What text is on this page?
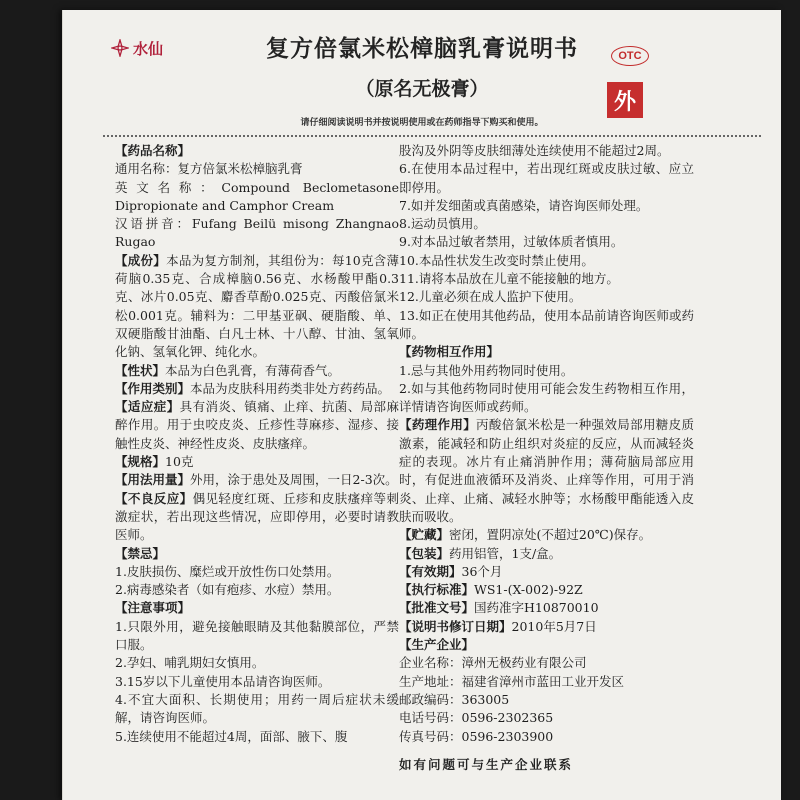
水仙	复方倍氯米松樟脑乳膏说明书
（原名无极膏）
OTC
外
请仔细阅读说明书并按说明使用或在药师指导下购买和使用。

【药品名称】

通用名称：复方倍氯米松樟脑乳膏

英文名称：Compound Beclometasone Dipropionate and Camphor Cream

汉语拼音：Fufang Beilü misong Zhangnao Rugao

【成份】本品为复方制剂，其组份为：每10克含薄荷脑0.35克、合成樟脑0.56克、水杨酸甲酯0.3克、冰片0.05克、麝香草酚0.025克、丙酸倍氯米松0.001克。辅料为：二甲基亚砜、硬脂酸、单、双硬脂酸甘油酯、白凡士林、十八醇、甘油、氢氧化钠、氢氧化钾、纯化水。

【性状】本品为白色乳膏，有薄荷香气。

【作用类别】本品为皮肤科用药类非处方药药品。

【适应症】具有消炎、镇痛、止痒、抗菌、局部麻醉作用。用于虫咬皮炎、丘疹性荨麻疹、湿疹、接触性皮炎、神经性皮炎、皮肤瘙痒。

【规格】10克

【用法用量】外用，涂于患处及周围，一日2-3次。

【不良反应】偶见轻度红斑、丘疹和皮肤瘙痒等刺激症状，若出现这些情况，应即停用，必要时请教医师。

【禁忌】

1.皮肤损伤、糜烂或开放性伤口处禁用。

2.病毒感染者（如有疱疹、水痘）禁用。

【注意事项】

1.只限外用，避免接触眼睛及其他黏膜部位，严禁口服。

2.孕妇、哺乳期妇女慎用。

3.15岁以下儿童使用本品请咨询医师。

4.不宜大面积、长期使用；用药一周后症状未缓解，请咨询医师。

5.连续使用不能超过4周，面部、腋下、腹

股沟及外阴等皮肤细薄处连续使用不能超过2周。

6.在使用本品过程中，若出现红斑或皮肤过敏、应立即停用。

7.如并发细菌或真菌感染，请咨询医师处理。

8.运动员慎用。

9.对本品过敏者禁用，过敏体质者慎用。

10.本品性状发生改变时禁止使用。

11.请将本品放在儿童不能接触的地方。

12.儿童必须在成人监护下使用。

13.如正在使用其他药品，使用本品前请咨询医师或药师。

【药物相互作用】

1.忌与其他外用药物同时使用。

2.如与其他药物同时使用可能会发生药物相互作用，详情请咨询医师或药师。

【药理作用】丙酸倍氯米松是一种强效局部用糖皮质激素，能减轻和防止组织对炎症的反应，从而减轻炎症的表现。冰片有止痛消肿作用；薄荷脑局部应用时，有促进血液循环及消炎、止痒等作用，可用于消炎、止痒、止痛、减轻水肿等；水杨酸甲酯能透入皮肤而吸收。

【贮藏】密闭，置阴凉处(不超过20℃)保存。

【包装】药用铝管，1支/盒。

【有效期】36个月

【执行标准】WS1-(X-002)-92Z

【批准文号】国药准字H10870010

【说明书修订日期】2010年5月7日

【生产企业】

企业名称：漳州无极药业有限公司

生产地址：福建省漳州市蓝田工业开发区

邮政编码：363005

电话号码：0596-2302365

传真号码：0596-2303900

如有问题可与生产企业联系
